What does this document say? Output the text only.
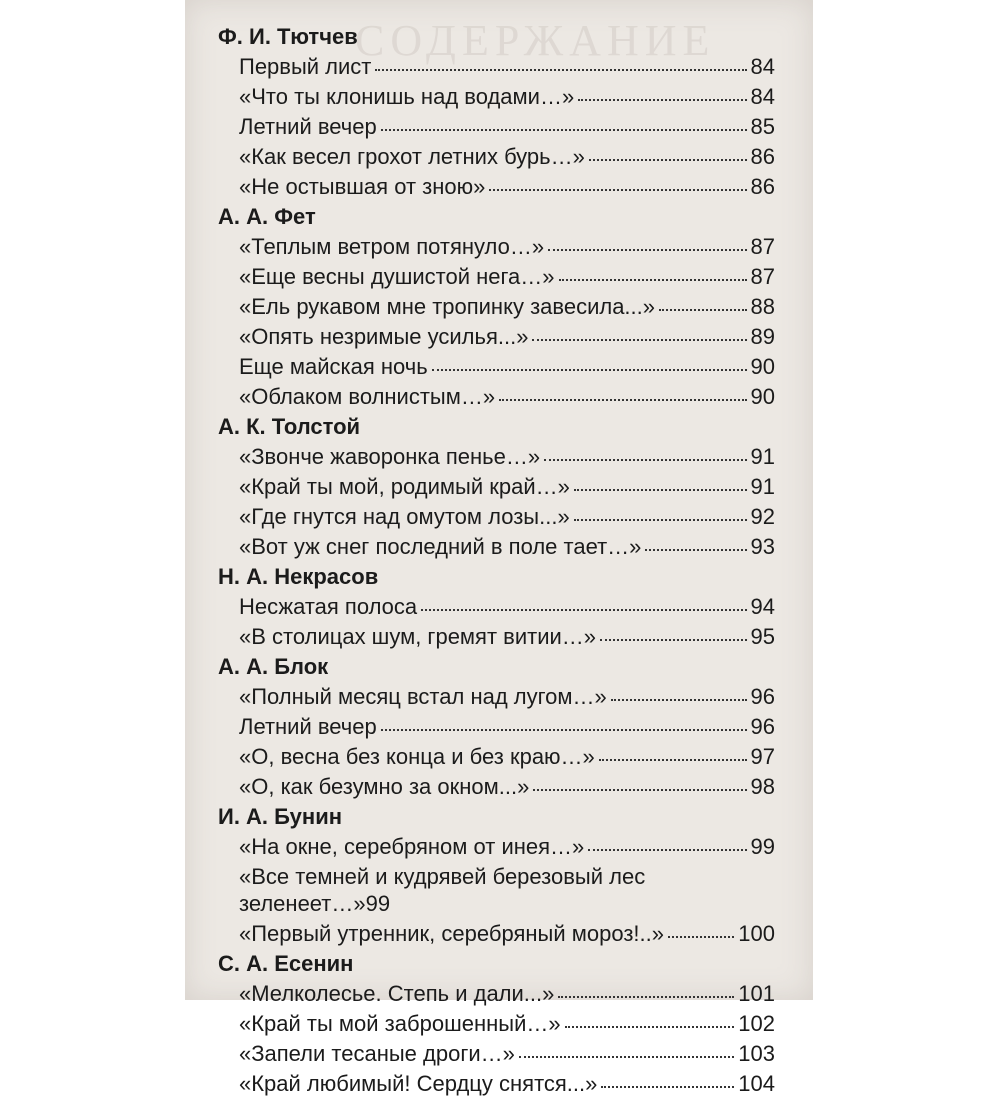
СОДЕРЖАНИЕ
Ф. И. Тютчев
Первый лист	84
«Что ты клонишь над водами…»	84
Летний вечер	85
«Как весел грохот летних бурь…»	86
«Не остывшая от зною»	86
А. А. Фет
«Теплым ветром потянуло…»	87
«Еще весны душистой нега…»	87
«Ель рукавом мне тропинку завесила...»	88
«Опять незримые усилья...»	89
Еще майская ночь	90
«Облаком волнистым…»	90
А. К. Толстой
«Звонче жаворонка пенье…»	91
«Край ты мой, родимый край…»	91
«Где гнутся над омутом лозы...»	92
«Вот уж снег последний в поле тает…»	93
Н. А. Некрасов
Несжатая полоса	94
«В столицах шум, гремят витии…»	95
А. А. Блок
«Полный месяц встал над лугом…»	96
Летний вечер	96
«О, весна без конца и без краю…»	97
«О, как безумно за окном...»	98
И. А. Бунин
«На окне, серебряном от инея…»	99
«Все темней и кудрявей березовый лес
зеленеет…» 99
«Первый утренник, серебряный мороз!..»	100
С. А. Есенин
«Мелколесье. Степь и дали...»	101
«Край ты мой заброшенный…»	102
«Запели тесаные дроги…»	103
«Край любимый! Сердцу снятся...»	104
